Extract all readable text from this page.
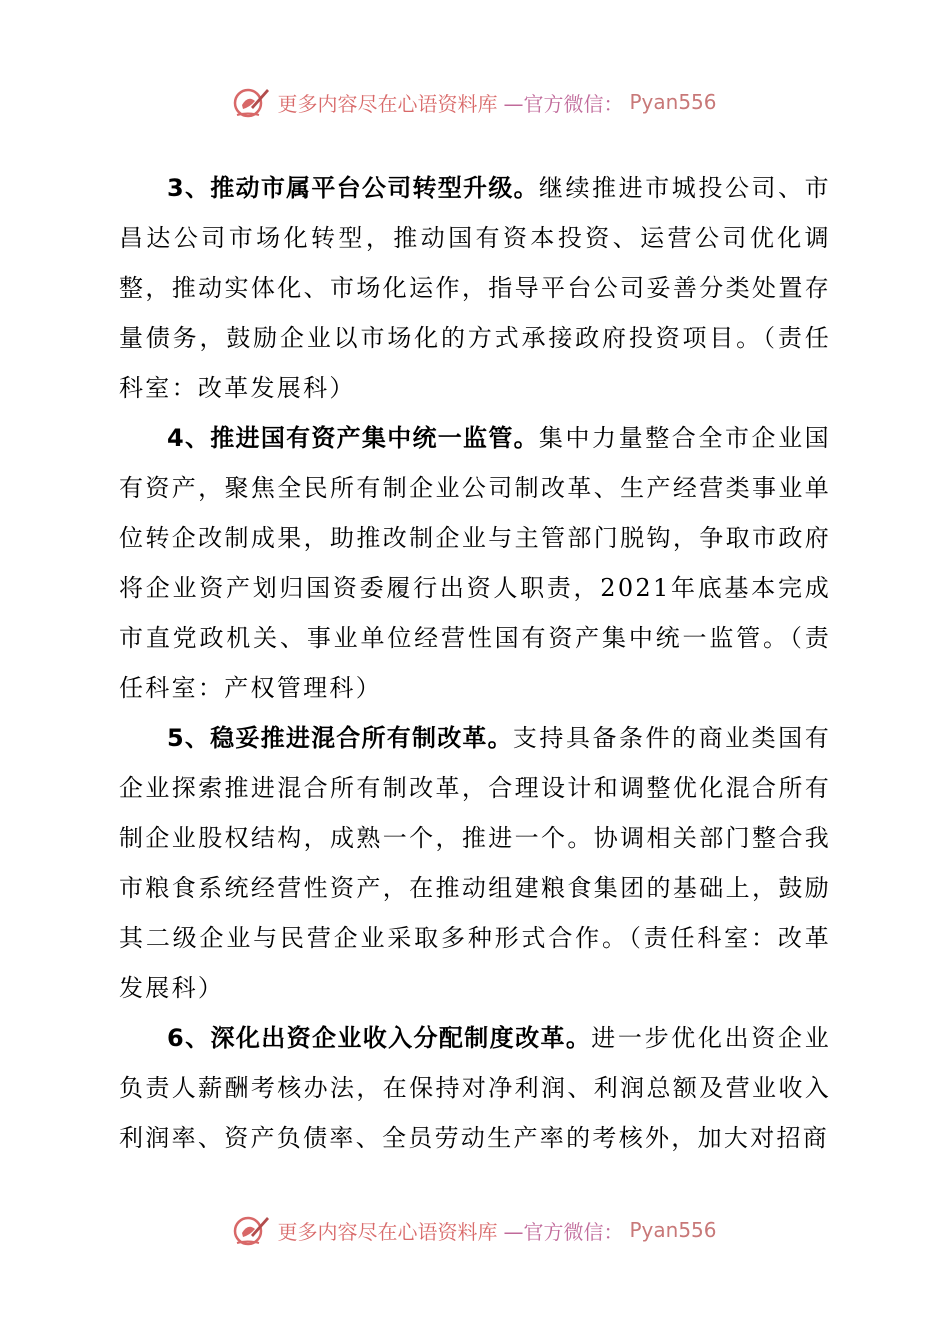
更多内容尽在心语资料库 —官方微信： Pyan556

3、推动市属平台公司转型升级。继续推进市城投公司、市昌达公司市场化转型，推动国有资本投资、运营公司优化调整，推动实体化、市场化运作，指导平台公司妥善分类处置存量债务，鼓励企业以市场化的方式承接政府投资项目。（责任科室：改革发展科）

4、推进国有资产集中统一监管。集中力量整合全市企业国有资产，聚焦全民所有制企业公司制改革、生产经营类事业单位转企改制成果，助推改制企业与主管部门脱钩，争取市政府将企业资产划归国资委履行出资人职责，2021年底基本完成市直党政机关、事业单位经营性国有资产集中统一监管。（责任科室：产权管理科）

5、稳妥推进混合所有制改革。支持具备条件的商业类国有企业探索推进混合所有制改革，合理设计和调整优化混合所有制企业股权结构，成熟一个，推进一个。协调相关部门整合我市粮食系统经营性资产，在推动组建粮食集团的基础上，鼓励其二级企业与民营企业采取多种形式合作。（责任科室：改革发展科）

6、深化出资企业收入分配制度改革。进一步优化出资企业负责人薪酬考核办法，在保持对净利润、利润总额及营业收入利润率、资产负债率、全员劳动生产率的考核外，加大对招商

更多内容尽在心语资料库 —官方微信： Pyan556
